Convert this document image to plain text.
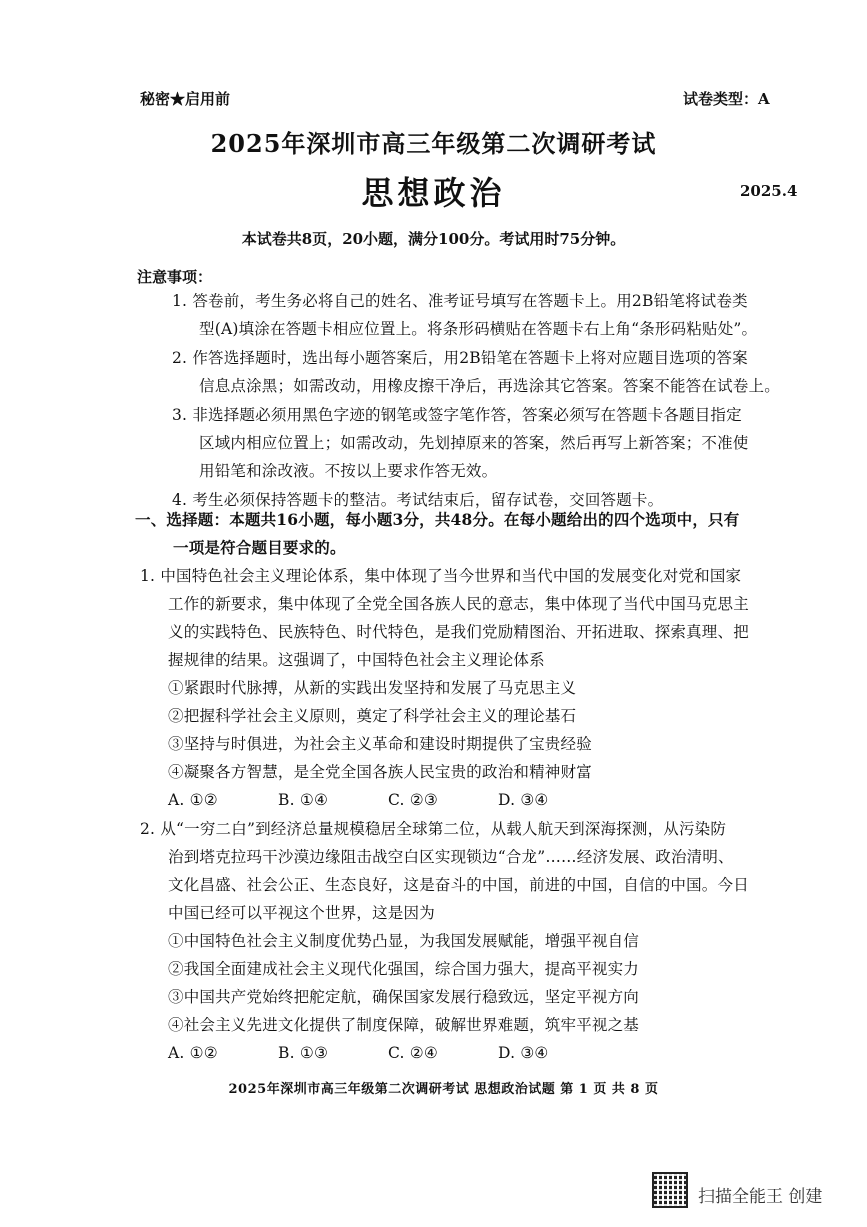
秘密★启用前	试卷类型：A
2025年深圳市高三年级第二次调研考试
思想政治	2025.4
本试卷共8页，20小题，满分100分。考试用时75分钟。
注意事项：
1. 答卷前，考生务必将自己的姓名、准考证号填写在答题卡上。用2B铅笔将试卷类
型(A)填涂在答题卡相应位置上。将条形码横贴在答题卡右上角“条形码粘贴处”。
2. 作答选择题时，选出每小题答案后，用2B铅笔在答题卡上将对应题目选项的答案
信息点涂黑；如需改动，用橡皮擦干净后，再选涂其它答案。答案不能答在试卷上。
3. 非选择题必须用黑色字迹的钢笔或签字笔作答，答案必须写在答题卡各题目指定
区域内相应位置上；如需改动，先划掉原来的答案，然后再写上新答案；不准使
用铅笔和涂改液。不按以上要求作答无效。
4. 考生必须保持答题卡的整洁。考试结束后，留存试卷，交回答题卡。
一、选择题：本题共16小题，每小题3分，共48分。在每小题给出的四个选项中，只有
一项是符合题目要求的。
1. 中国特色社会主义理论体系，集中体现了当今世界和当代中国的发展变化对党和国家
工作的新要求，集中体现了全党全国各族人民的意志，集中体现了当代中国马克思主
义的实践特色、民族特色、时代特色，是我们党励精图治、开拓进取、探索真理、把
握规律的结果。这强调了，中国特色社会主义理论体系
①紧跟时代脉搏，从新的实践出发坚持和发展了马克思主义
②把握科学社会主义原则，奠定了科学社会主义的理论基石
③坚持与时俱进，为社会主义革命和建设时期提供了宝贵经验
④凝聚各方智慧，是全党全国各族人民宝贵的政治和精神财富
A. ①②	B. ①④	C. ②③	D. ③④
2. 从“一穷二白”到经济总量规模稳居全球第二位，从载人航天到深海探测，从污染防
治到塔克拉玛干沙漠边缘阻击战空白区实现锁边“合龙”……经济发展、政治清明、
文化昌盛、社会公正、生态良好，这是奋斗的中国，前进的中国，自信的中国。今日
中国已经可以平视这个世界，这是因为
①中国特色社会主义制度优势凸显，为我国发展赋能，增强平视自信
②我国全面建成社会主义现代化强国，综合国力强大，提高平视实力
③中国共产党始终把舵定航，确保国家发展行稳致远，坚定平视方向
④社会主义先进文化提供了制度保障，破解世界难题，筑牢平视之基
A. ①②	B. ①③	C. ②④	D. ③④
2025年深圳市高三年级第二次调研考试 思想政治试题 第 1 页 共 8 页
扫描全能王 创建
